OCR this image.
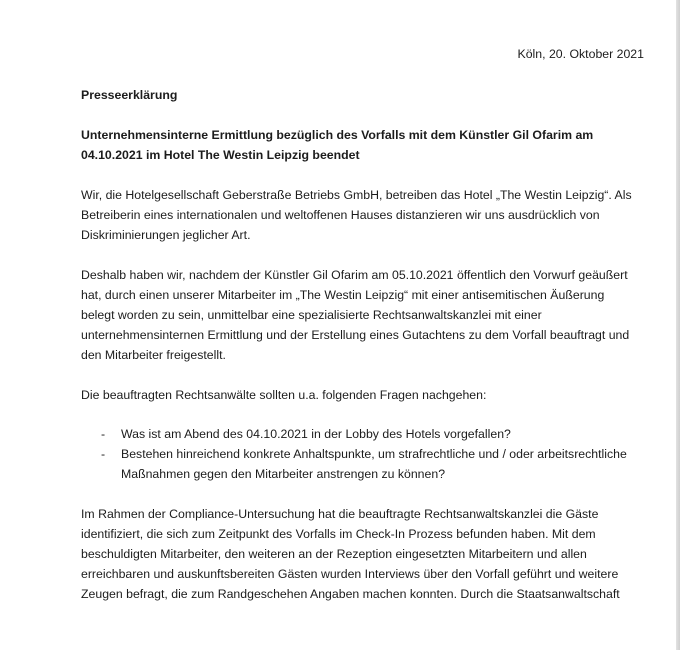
Köln, 20. Oktober 2021

Presseerklärung

Unternehmensinterne Ermittlung bezüglich des Vorfalls mit dem Künstler Gil Ofarim am 04.10.2021 im Hotel The Westin Leipzig beendet

Wir, die Hotelgesellschaft Geberstraße Betriebs GmbH, betreiben das Hotel „The Westin Leipzig“. Als Betreiberin eines internationalen und weltoffenen Hauses distanzieren wir uns ausdrücklich von Diskriminierungen jeglicher Art.

Deshalb haben wir, nachdem der Künstler Gil Ofarim am 05.10.2021 öffentlich den Vorwurf geäußert hat, durch einen unserer Mitarbeiter im „The Westin Leipzig“ mit einer antisemitischen Äußerung belegt worden zu sein, unmittelbar eine spezialisierte Rechtsanwaltskanzlei mit einer unternehmensinternen Ermittlung und der Erstellung eines Gutachtens zu dem Vorfall beauftragt und den Mitarbeiter freigestellt.

Die beauftragten Rechtsanwälte sollten u.a. folgenden Fragen nachgehen:

- Was ist am Abend des 04.10.2021 in der Lobby des Hotels vorgefallen?
- Bestehen hinreichend konkrete Anhaltspunkte, um strafrechtliche und / oder arbeitsrechtliche Maßnahmen gegen den Mitarbeiter anstrengen zu können?

Im Rahmen der Compliance-Untersuchung hat die beauftragte Rechtsanwaltskanzlei die Gäste identifiziert, die sich zum Zeitpunkt des Vorfalls im Check-In Prozess befunden haben. Mit dem beschuldigten Mitarbeiter, den weiteren an der Rezeption eingesetzten Mitarbeitern und allen erreichbaren und auskunftsbereiten Gästen wurden Interviews über den Vorfall geführt und weitere Zeugen befragt, die zum Randgeschehen Angaben machen konnten. Durch die Staatsanwaltschaft
